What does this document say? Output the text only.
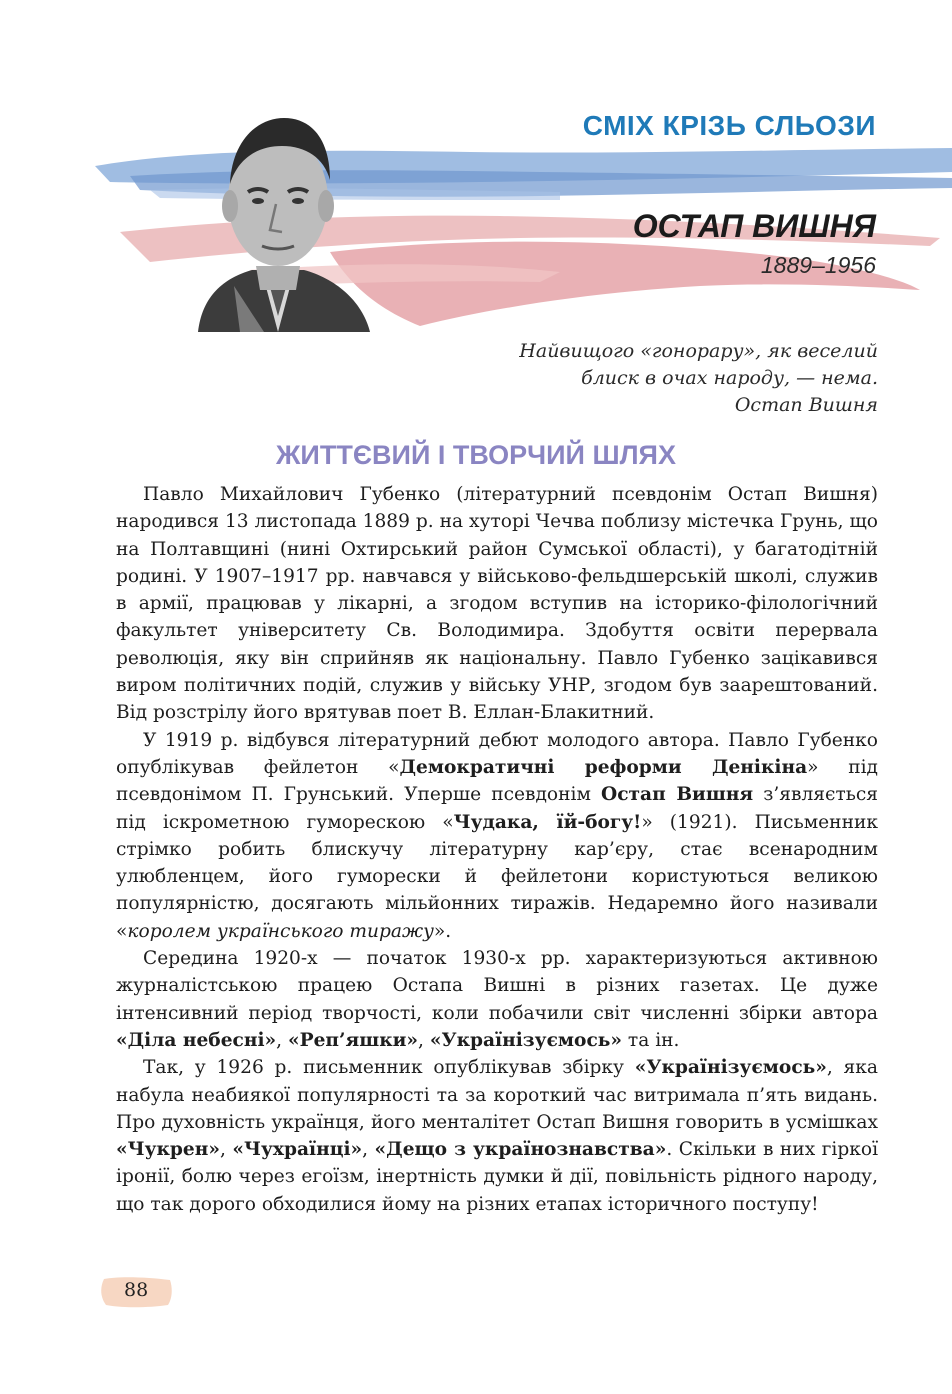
СМІХ КРІЗЬ СЛЬОЗИ
ОСТАП ВИШНЯ
1889–1956
Найвищого «гонорару», як веселий
блиск в очах народу, — нема.
Остап Вишня
ЖИТТЄВИЙ І ТВОРЧИЙ ШЛЯХ

Павло Михайлович Губенко (літературний псевдонім Остап Вишня) народився 13 листопада 1889 р. на хуторі Чечва поблизу містечка Грунь, що на Полтавщині (нині Охтирський район Сумської області), у багатодітній родині. У 1907–1917 рр. навчався у військово-фельдшерській школі, служив в армії, працював у лікарні, а згодом вступив на історико-філологічний факультет університету Св. Володимира. Здобуття освіти перервала революція, яку він сприйняв як національну. Павло Губенко зацікавився виром політичних подій, служив у війську УНР, згодом був заарештований. Від розстрілу його врятував поет В. Еллан-Блакитний.

У 1919 р. відбувся літературний дебют молодого автора. Павло Губенко опублікував фейлетон «Демократичні реформи Денікіна» під псевдонімом П. Грунський. Уперше псевдонім Остап Вишня з’являється під іскрометною гуморескою «Чудака, їй-богу!» (1921). Письменник стрімко робить блискучу літературну кар’єру, стає всенародним улюбленцем, його гуморески й фейлетони користуються великою популярністю, досягають мільйонних тиражів. Недаремно його називали «королем українського тиражу».

Середина 1920-х — початок 1930-х рр. характеризуються активною журналістською працею Остапа Вишні в різних газетах. Це дуже інтенсивний період творчості, коли побачили світ численні збірки автора «Діла небесні», «Реп’яшки», «Українізуємось» та ін.

Так, у 1926 р. письменник опублікував збірку «Українізуємось», яка набула неабиякої популярності та за короткий час витримала п’ять видань. Про духовність українця, його менталітет Остап Вишня говорить в усмішках «Чукрен», «Чухраїнці», «Дещо з українознавства». Скільки в них гіркої іронії, болю через егоїзм, інертність думки й дії, повільність рідного народу, що так дорого обходилися йому на різних етапах історичного поступу!

88
